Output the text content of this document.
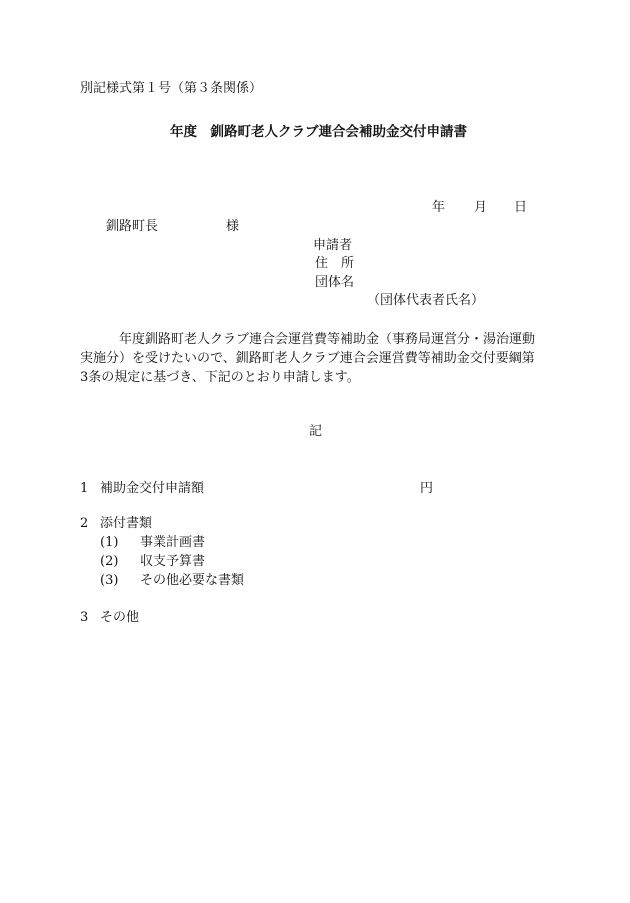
別記様式第１号（第３条関係）
年度　釧路町老人クラブ連合会補助金交付申請書
年 月 日
釧路町長	様
申請者
住　所
団体名
（団体代表者氏名）
　　　年度釧路町老人クラブ連合会運営費等補助金（事務局運営分・湯治運動実施分）を受けたいので、釧路町老人クラブ連合会運営費等補助金交付要綱第3条の規定に基づき、下記のとおり申請します。
記
1 補助金交付申請額	円
2 添付書類
(1) 事業計画書
(2) 収支予算書
(3) その他必要な書類
3 その他
